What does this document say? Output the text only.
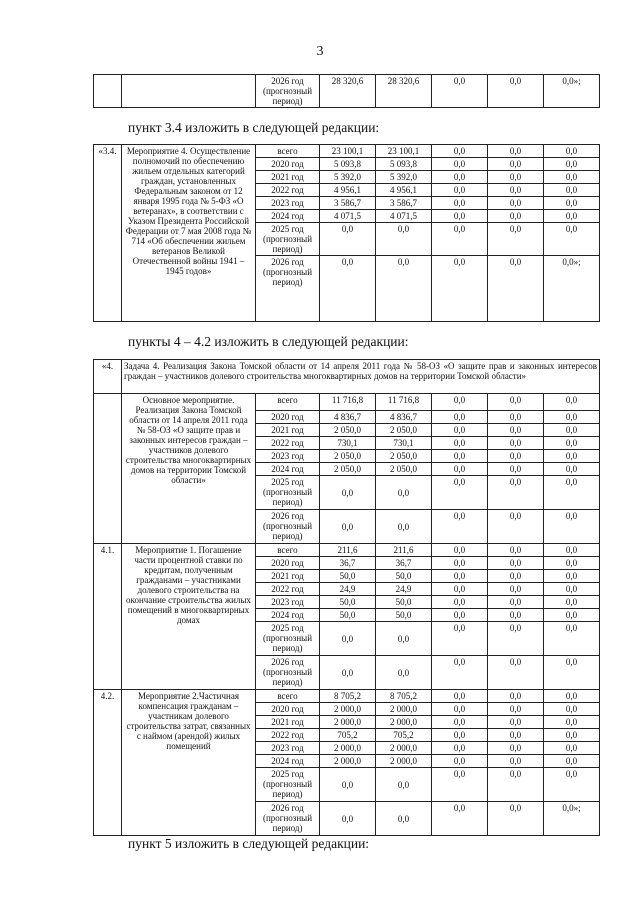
3
		2026 год (прогнозный период)	28 320,6	28 320,6	0,0	0,0	0,0»;
пункт 3.4 изложить в следующей редакции:
«3.4.	Мероприятие 4. Осуществление полномочий по обеспечению жильем отдельных категорий граждан, установленных Федеральным законом от 12 января 1995 года № 5-ФЗ «О ветеранах», в соответствии с Указом Президента Российской Федерации от 7 мая 2008 года № 714 «Об обеспечении жильем ветеранов Великой Отечественной войны 1941 – 1945 годов»	всего	23 100,1	23 100,1	0,0	0,0	0,0
		2020 год	5 093,8	5 093,8	0,0	0,0	0,0
		2021 год	5 392,0	5 392,0	0,0	0,0	0,0
		2022 год	4 956,1	4 956,1	0,0	0,0	0,0
		2023 год	3 586,7	3 586,7	0,0	0,0	0,0
		2024 год	4 071,5	4 071,5	0,0	0,0	0,0
		2025 год (прогнозный период)	0,0	0,0	0,0	0,0	0,0
		2026 год (прогнозный период)	0,0	0,0	0,0	0,0	0,0»;
пункты 4 – 4.2 изложить в следующей редакции:
«4.	Задача 4. Реализация Закона Томской области от 14 апреля 2011 года № 58-ОЗ «О защите прав и законных интересов граждан – участников долевого строительства многоквартирных домов на территории Томской области»						
	Основное мероприятие. Реализация Закона Томской области от 14 апреля 2011 года № 58-ОЗ «О защите прав и законных интересов граждан – участников долевого строительства многоквартирных домов на территории Томской области»	всего	11 716,8	11 716,8	0,0	0,0	0,0
		2020 год	4 836,7	4 836,7	0,0	0,0	0,0
		2021 год	2 050,0	2 050,0	0,0	0,0	0,0
		2022 год	730,1	730,1	0,0	0,0	0,0
		2023 год	2 050,0	2 050,0	0,0	0,0	0,0
		2024 год	2 050,0	2 050,0	0,0	0,0	0,0
		2025 год (прогнозный период)	0,0	0,0	0,0	0,0	0,0
		2026 год (прогнозный период)	0,0	0,0	0,0	0,0	0,0
4.1.	Мероприятие 1. Погашение части процентной ставки по кредитам, полученным гражданами – участниками долевого строительства на окончание строительства жилых помещений в многоквартирных домах	всего	211,6	211,6	0,0	0,0	0,0
		2020 год	36,7	36,7	0,0	0,0	0,0
		2021 год	50,0	50,0	0,0	0,0	0,0
		2022 год	24,9	24,9	0,0	0,0	0,0
		2023 год	50,0	50,0	0,0	0,0	0,0
		2024 год	50,0	50,0	0,0	0,0	0,0
		2025 год (прогнозный период)	0,0	0,0	0,0	0,0	0,0
		2026 год (прогнозный период)	0,0	0,0	0,0	0,0	0,0
4.2.	Мероприятие 2.Частичная компенсация гражданам – участникам долевого строительства затрат, связанных с наймом (арендой) жилых помещений	всего	8 705,2	8 705,2	0,0	0,0	0,0
		2020 год	2 000,0	2 000,0	0,0	0,0	0,0
		2021 год	2 000,0	2 000,0	0,0	0,0	0,0
		2022 год	705,2	705,2	0,0	0,0	0,0
		2023 год	2 000,0	2 000,0	0,0	0,0	0,0
		2024 год	2 000,0	2 000,0	0,0	0,0	0,0
		2025 год (прогнозный период)	0,0	0,0	0,0	0,0	0,0
		2026 год (прогнозный период)	0,0	0,0	0,0	0,0	0,0»;
пункт 5 изложить в следующей редакции:
